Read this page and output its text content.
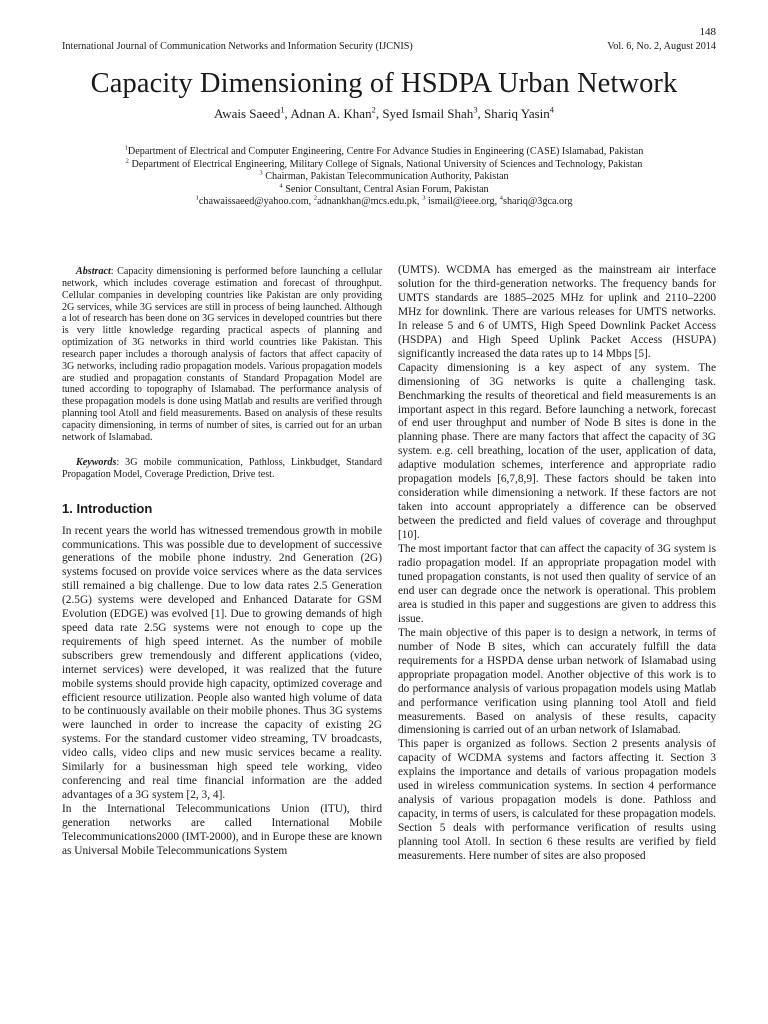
148
International Journal of Communication Networks and Information Security (IJCNIS)	Vol. 6, No. 2, August 2014
Capacity Dimensioning of HSDPA Urban Network
Awais Saeed$^1$, Adnan A. Khan$^2$, Syed Ismail Shah$^3$, Shariq Yasin$^4$
$^1$Department of Electrical and Computer Engineering, Centre For Advance Studies in Engineering (CASE) Islamabad, Pakistan
$^2$ Department of Electrical Engineering, Military College of Signals, National University of Sciences and Technology, Pakistan
$^3$ Chairman, Pakistan Telecommunication Authority, Pakistan
$^4$ Senior Consultant, Central Asian Forum, Pakistan
$^1$chawaissaeed@yahoo.com, $^2$adnankhan@mcs.edu.pk, $^3$ ismail@ieee.org, $^4$shariq@3gca.org

Abstract: Capacity dimensioning is performed before launching a cellular network, which includes coverage estimation and forecast of throughput. Cellular companies in developing countries like Pakistan are only providing 2G services, while 3G services are still in process of being launched. Although a lot of research has been done on 3G services in developed countries but there is very little knowledge regarding practical aspects of planning and optimization of 3G networks in third world countries like Pakistan. This research paper includes a thorough analysis of factors that affect capacity of 3G networks, including radio propagation models. Various propagation models are studied and propagation constants of Standard Propagation Model are tuned according to topography of Islamabad. The performance analysis of these propagation models is done using Matlab and results are verified through planning tool Atoll and field measurements. Based on analysis of these results capacity dimensioning, in terms of number of sites, is carried out for an urban network of Islamabad.

Keywords: 3G mobile communication, Pathloss, Linkbudget, Standard Propagation Model, Coverage Prediction, Drive test.

1. Introduction

In recent years the world has witnessed tremendous growth in mobile communications. This was possible due to development of successive generations of the mobile phone industry. 2nd Generation (2G) systems focused on provide voice services where as the data services still remained a big challenge. Due to low data rates 2.5 Generation (2.5G) systems were developed and Enhanced Datarate for GSM Evolution (EDGE) was evolved [1]. Due to growing demands of high speed data rate 2.5G systems were not enough to cope up the requirements of high speed internet. As the number of mobile subscribers grew tremendously and different applications (video, internet services) were developed, it was realized that the future mobile systems should provide high capacity, optimized coverage and efficient resource utilization. People also wanted high volume of data to be continuously available on their mobile phones. Thus 3G systems were launched in order to increase the capacity of existing 2G systems. For the standard customer video streaming, TV broadcasts, video calls, video clips and new music services became a reality. Similarly for a businessman high speed tele working, video conferencing and real time financial information are the added advantages of a 3G system [2, 3, 4].

In the International Telecommunications Union (ITU), third generation networks are called International Mobile Telecommunications2000 (IMT-2000), and in Europe these are known as Universal Mobile Telecommunications System

(UMTS). WCDMA has emerged as the mainstream air interface solution for the third-generation networks. The frequency bands for UMTS standards are 1885–2025 MHz for uplink and 2110–2200 MHz for downlink. There are various releases for UMTS networks. In release 5 and 6 of UMTS, High Speed Downlink Packet Access (HSDPA) and High Speed Uplink Packet Access (HSUPA) significantly increased the data rates up to 14 Mbps [5].

Capacity dimensioning is a key aspect of any system. The dimensioning of 3G networks is quite a challenging task. Benchmarking the results of theoretical and field measurements is an important aspect in this regard. Before launching a network, forecast of end user throughput and number of Node B sites is done in the planning phase. There are many factors that affect the capacity of 3G system. e.g. cell breathing, location of the user, application of data, adaptive modulation schemes, interference and appropriate radio propagation models [6,7,8,9]. These factors should be taken into consideration while dimensioning a network. If these factors are not taken into account appropriately a difference can be observed between the predicted and field values of coverage and throughput [10].

The most important factor that can affect the capacity of 3G system is radio propagation model. If an appropriate propagation model with tuned propagation constants, is not used then quality of service of an end user can degrade once the network is operational. This problem area is studied in this paper and suggestions are given to address this issue.

The main objective of this paper is to design a network, in terms of number of Node B sites, which can accurately fulfill the data requirements for a HSPDA dense urban network of Islamabad using appropriate propagation model. Another objective of this work is to do performance analysis of various propagation models using Matlab and performance verification using planning tool Atoll and field measurements. Based on analysis of these results, capacity dimensioning is carried out of an urban network of Islamabad.

This paper is organized as follows. Section 2 presents analysis of capacity of WCDMA systems and factors affecting it. Section 3 explains the importance and details of various propagation models used in wireless communication systems. In section 4 performance analysis of various propagation models is done. Pathloss and capacity, in terms of users, is calculated for these propagation models. Section 5 deals with performance verification of results using planning tool Atoll. In section 6 these results are verified by field measurements. Here number of sites are also proposed
